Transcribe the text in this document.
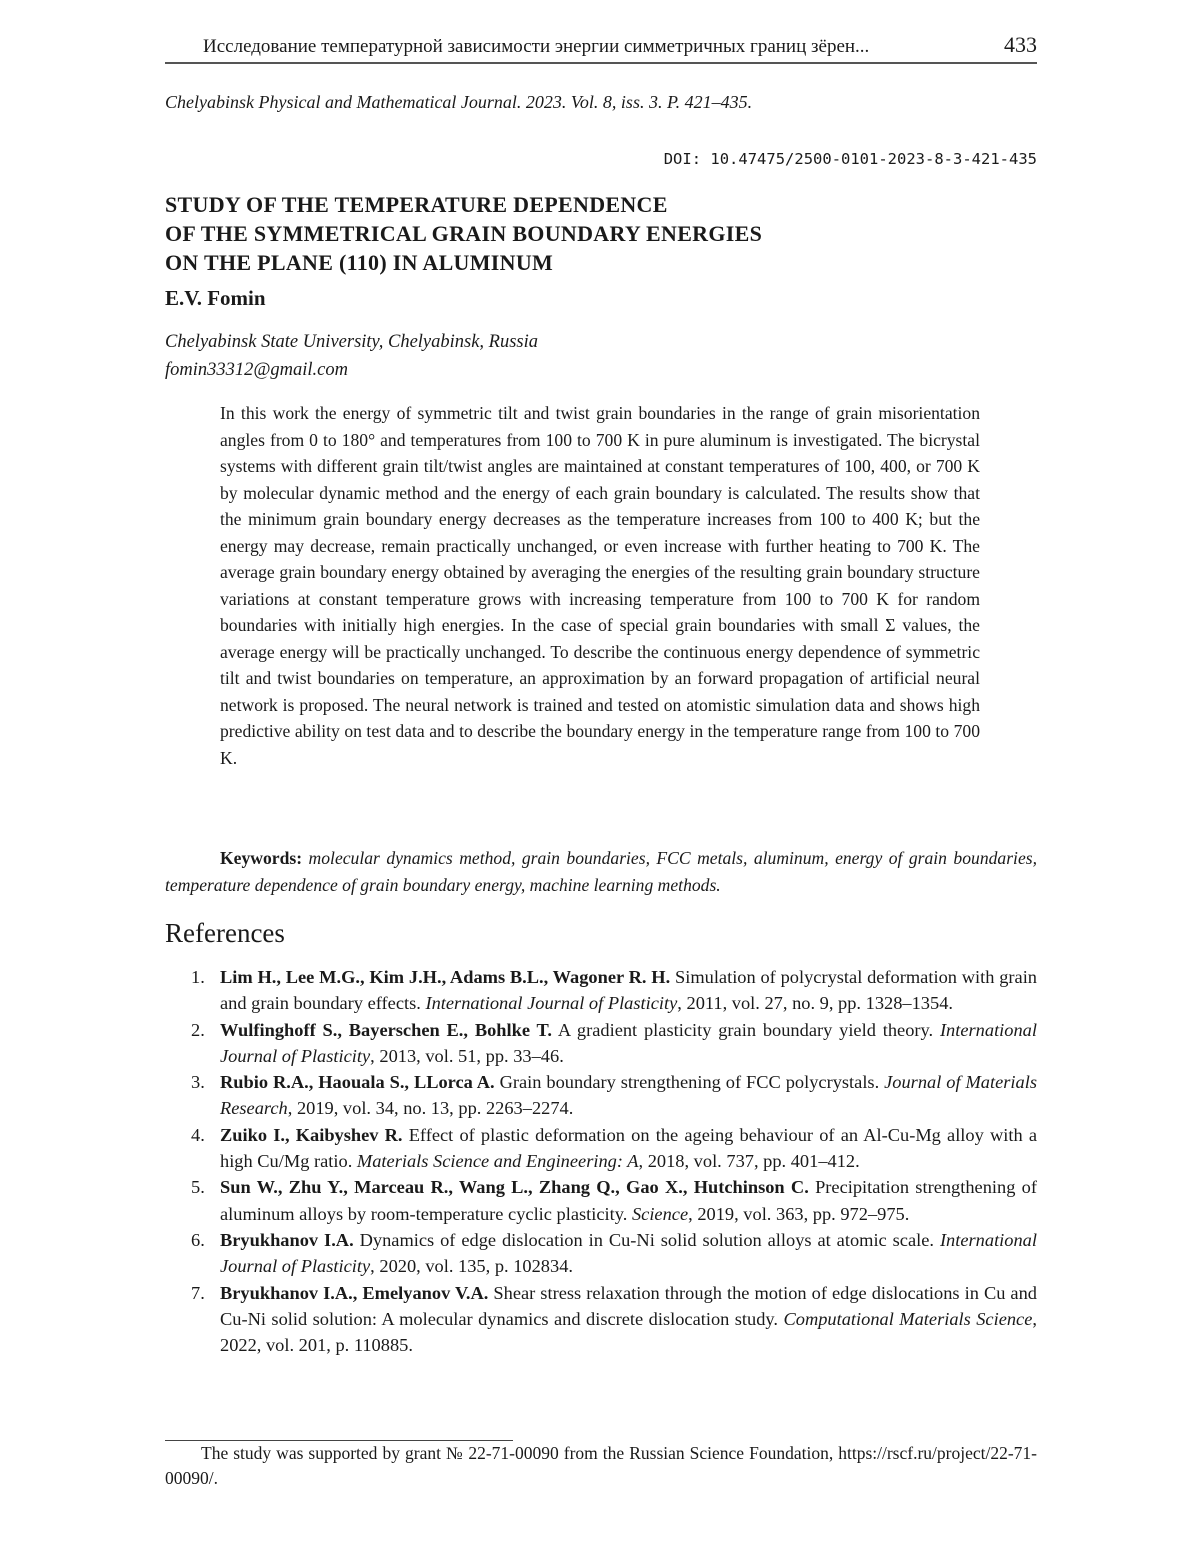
Исследование температурной зависимости энергии симметричных границ зёрен...	433
Chelyabinsk Physical and Mathematical Journal. 2023. Vol. 8, iss. 3. P. 421–435.
DOI: 10.47475/2500-0101-2023-8-3-421-435
STUDY OF THE TEMPERATURE DEPENDENCE
OF THE SYMMETRICAL GRAIN BOUNDARY ENERGIES
ON THE PLANE (110) IN ALUMINUM
E.V. Fomin
Chelyabinsk State University, Chelyabinsk, Russia
fomin33312@gmail.com
In this work the energy of symmetric tilt and twist grain boundaries in the range of grain misorientation angles from 0 to 180° and temperatures from 100 to 700 K in pure aluminum is investigated. The bicrystal systems with different grain tilt/twist angles are maintained at constant temperatures of 100, 400, or 700 K by molecular dynamic method and the energy of each grain boundary is calculated. The results show that the minimum grain boundary energy decreases as the temperature increases from 100 to 400 K; but the energy may decrease, remain practically unchanged, or even increase with further heating to 700 K. The average grain boundary energy obtained by averaging the energies of the resulting grain boundary structure variations at constant temperature grows with increasing temperature from 100 to 700 K for random boundaries with initially high energies. In the case of special grain boundaries with small Σ values, the average energy will be practically unchanged. To describe the continuous energy dependence of symmetric tilt and twist boundaries on temperature, an approximation by an forward propagation of artificial neural network is proposed. The neural network is trained and tested on atomistic simulation data and shows high predictive ability on test data and to describe the boundary energy in the temperature range from 100 to 700 K.
Keywords: molecular dynamics method, grain boundaries, FCC metals, aluminum, energy of grain boundaries, temperature dependence of grain boundary energy, machine learning methods.
References
1. Lim H., Lee M.G., Kim J.H., Adams B.L., Wagoner R. H. Simulation of polycrystal deformation with grain and grain boundary effects. International Journal of Plasticity, 2011, vol. 27, no. 9, pp. 1328–1354.
2. Wulfinghoff S., Bayerschen E., Bohlke T. A gradient plasticity grain boundary yield theory. International Journal of Plasticity, 2013, vol. 51, pp. 33–46.
3. Rubio R.A., Haouala S., LLorca A. Grain boundary strengthening of FCC polycrystals. Journal of Materials Research, 2019, vol. 34, no. 13, pp. 2263–2274.
4. Zuiko I., Kaibyshev R. Effect of plastic deformation on the ageing behaviour of an Al-Cu-Mg alloy with a high Cu/Mg ratio. Materials Science and Engineering: A, 2018, vol. 737, pp. 401–412.
5. Sun W., Zhu Y., Marceau R., Wang L., Zhang Q., Gao X., Hutchinson C. Precipitation strengthening of aluminum alloys by room-temperature cyclic plasticity. Science, 2019, vol. 363, pp. 972–975.
6. Bryukhanov I.A. Dynamics of edge dislocation in Cu-Ni solid solution alloys at atomic scale. International Journal of Plasticity, 2020, vol. 135, p. 102834.
7. Bryukhanov I.A., Emelyanov V.A. Shear stress relaxation through the motion of edge dislocations in Cu and Cu-Ni solid solution: A molecular dynamics and discrete dislocation study. Computational Materials Science, 2022, vol. 201, p. 110885.
The study was supported by grant № 22-71-00090 from the Russian Science Foundation, https://rscf.ru/project/22-71-00090/.
